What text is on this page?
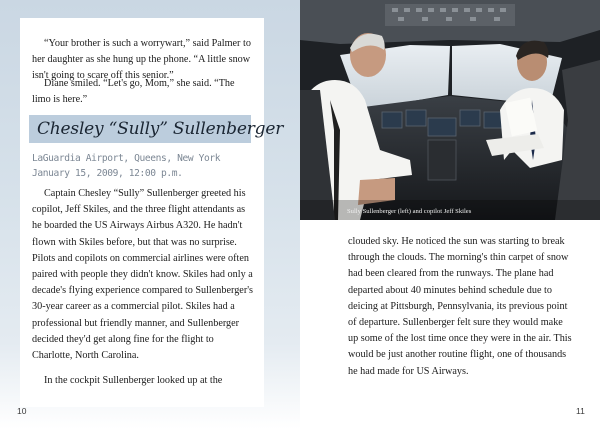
“Your brother is such a worrywart,” said Palmer to her daughter as she hung up the phone. “A little snow isn't going to scare off this senior.”

Diane smiled. “Let's go, Mom,” she said. “The limo is here.”

Chesley “Sully” Sullenberger

LaGuardia Airport, Queens, New York
January 15, 2009, 12:00 p.m.

Captain Chesley “Sully” Sullenberger greeted his copilot, Jeff Skiles, and the three flight attendants as he boarded the US Airways Airbus A320. He hadn't flown with Skiles before, but that was no surprise. Pilots and copilots on commercial airlines were often paired with people they didn't know. Skiles had only a decade's flying experience compared to Sullenberger's 30-year career as a commercial pilot. Skiles had a professional but friendly manner, and Sullenberger decided they'd get along fine for the flight to Charlotte, North Carolina.

In the cockpit Sullenberger looked up at the

10
Sully Sullenberger (left) and copilot Jeff Skiles

clouded sky. He noticed the sun was starting to break through the clouds. The morning's thin carpet of snow had been cleared from the runways. The plane had departed about 40 minutes behind schedule due to deicing at Pittsburgh, Pennsylvania, its previous point of departure. Sullenberger felt sure they would make up some of the lost time once they were in the air. This would be just another routine flight, one of thousands he had made for US Airways.

11
